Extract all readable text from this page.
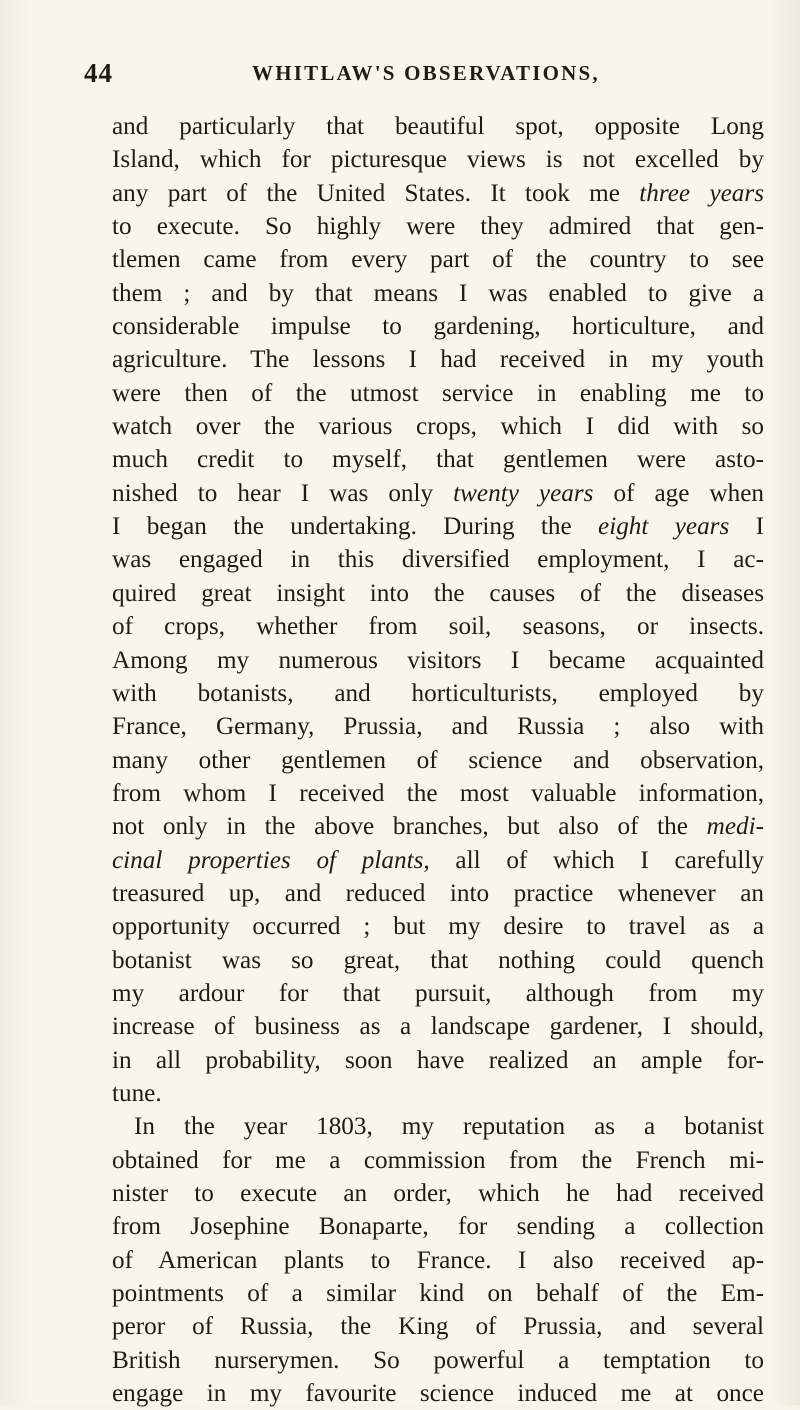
44	WHITLAW'S OBSERVATIONS,
and particularly that beautiful spot, opposite Long
Island, which for picturesque views is not excelled by
any part of the United States. It took me three years
to execute. So highly were they admired that gen-
tlemen came from every part of the country to see
them ; and by that means I was enabled to give a
considerable impulse to gardening, horticulture, and
agriculture. The lessons I had received in my youth
were then of the utmost service in enabling me to
watch over the various crops, which I did with so
much credit to myself, that gentlemen were asto-
nished to hear I was only twenty years of age when
I began the undertaking. During the eight years I
was engaged in this diversified employment, I ac-
quired great insight into the causes of the diseases
of crops, whether from soil, seasons, or insects.
Among my numerous visitors I became acquainted
with botanists, and horticulturists, employed by
France, Germany, Prussia, and Russia ; also with
many other gentlemen of science and observation,
from whom I received the most valuable information,
not only in the above branches, but also of the medi-
cinal properties of plants, all of which I carefully
treasured up, and reduced into practice whenever an
opportunity occurred ; but my desire to travel as a
botanist was so great, that nothing could quench
my ardour for that pursuit, although from my
increase of business as a landscape gardener, I should,
in all probability, soon have realized an ample for-
tune.
In the year 1803, my reputation as a botanist
obtained for me a commission from the French mi-
nister to execute an order, which he had received
from Josephine Bonaparte, for sending a collection
of American plants to France. I also received ap-
pointments of a similar kind on behalf of the Em-
peror of Russia, the King of Prussia, and several
British nurserymen. So powerful a temptation to
engage in my favourite science induced me at once
